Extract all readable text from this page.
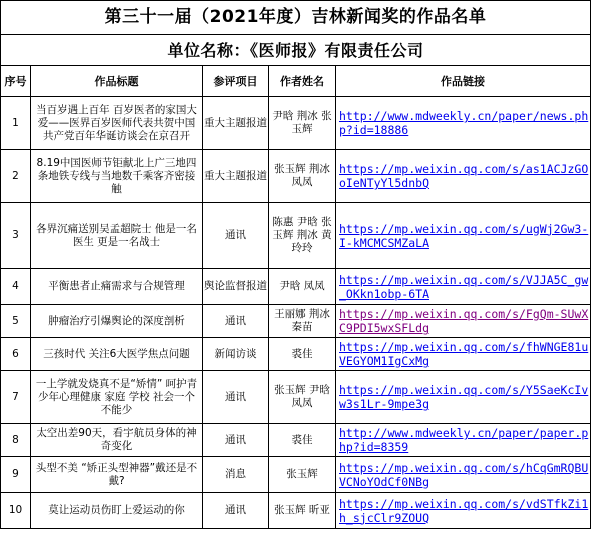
第三十一届（2021年度）吉林新闻奖的作品名单				
单位名称：《医师报》有限责任公司				
序号	作品标题	参评项目	作者姓名	作品链接
1	当百岁遇上百年 百岁医者的家国大爱——医界百岁医师代表共贺中国共产党百年华诞访谈会在京召开	重大主题报道	尹晗 荆冰 张玉辉	http://www.mdweekly.cn/paper/news.php?id=18886
2	8.19中国医师节钜献北上广三地四条地铁专线与当地数千乘客齐密接触	重大主题报道	张玉辉 荆冰 凤凤	https://mp.weixin.qq.com/s/as1ACJzGOoIeNTyYl5dnbQ
3	各界沉痛送别吴孟超院士 他是一名医生 更是一名战士	通讯	陈惠 尹晗 张玉辉 荆冰 黄玲玲	https://mp.weixin.qq.com/s/ugWj2Gw3-I-kMCMCSMZaLA
4	平衡患者止痛需求与合规管理	舆论监督报道	尹晗 凤凤	https://mp.weixin.qq.com/s/VJJA5C_gw_OKkn1obp-6TA
5	肿瘤治疗引爆舆论的深度剖析	通讯	王丽娜 荆冰 秦苗	https://mp.weixin.qq.com/s/FgQm-SUwXC9PDI5wxSFLdg
6	三孩时代 关注6大医学焦点问题	新闻访谈	裘佳	https://mp.weixin.qq.com/s/fhWNGE81uVEGYOM1IgCxMg
7	一上学就发烧真不是“矫情” 呵护青少年心理健康 家庭 学校 社会一个不能少	通讯	张玉辉 尹晗 凤凤	https://mp.weixin.qq.com/s/Y5SaeKcIvw3s1Lr-9mpe3g
8	太空出差90天，看宇航员身体的神奇变化	通讯	裘佳	http://www.mdweekly.cn/paper/paper.php?id=8359
9	头型不美 “矫正头型神器”戴还是不戴?	消息	张玉辉	https://mp.weixin.qq.com/s/hCqGmRQBUVCNoYOdCf0NBg
10	莫让运动员伤盯上爱运动的你	通讯	张玉辉 昕亚	https://mp.weixin.qq.com/s/vdSTfkZi1h_sjcClr9ZOUQ
